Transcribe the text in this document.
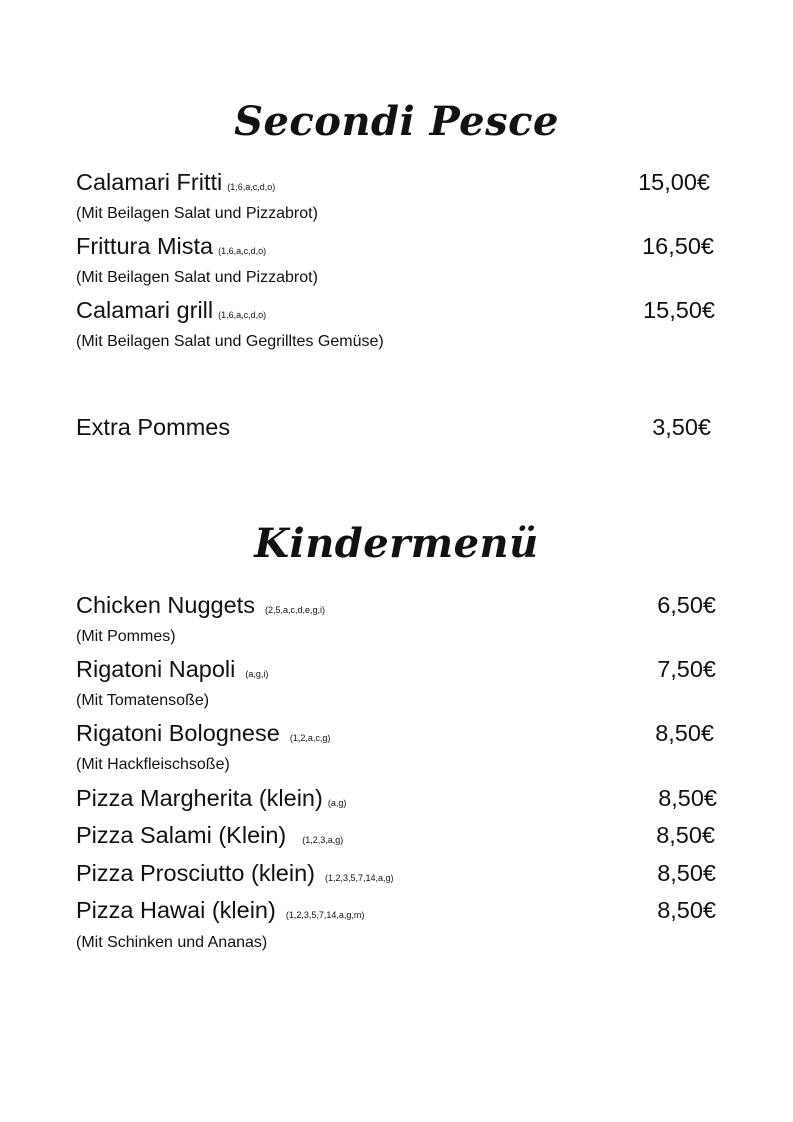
Secondi Pesce
Calamari Fritti (1,6,a,c,d,o)	15,00€
(Mit Beilagen Salat und Pizzabrot)
Frittura Mista (1,6,a,c,d,o)	16,50€
(Mit Beilagen Salat und Pizzabrot)
Calamari grill (1,6,a,c,d,o)	15,50€
(Mit Beilagen Salat und Gegrilltes Gemüse)
Extra Pommes	3,50€
Kindermenü
Chicken Nuggets (2,5,a,c,d,e,g,i)	6,50€
(Mit Pommes)
Rigatoni Napoli (a,g,i)	7,50€
(Mit Tomatensoße)
Rigatoni Bolognese (1,2,a,c,g)	8,50€
(Mit Hackfleischsoße)
Pizza Margherita (klein) (a,g)	8,50€
Pizza Salami (Klein) (1,2,3,a,g)	8,50€
Pizza Prosciutto (klein) (1,2,3,5,7,14,a,g)	8,50€
Pizza Hawai (klein) (1,2,3,5,7,14,a,g,m)	8,50€
(Mit Schinken und Ananas)
